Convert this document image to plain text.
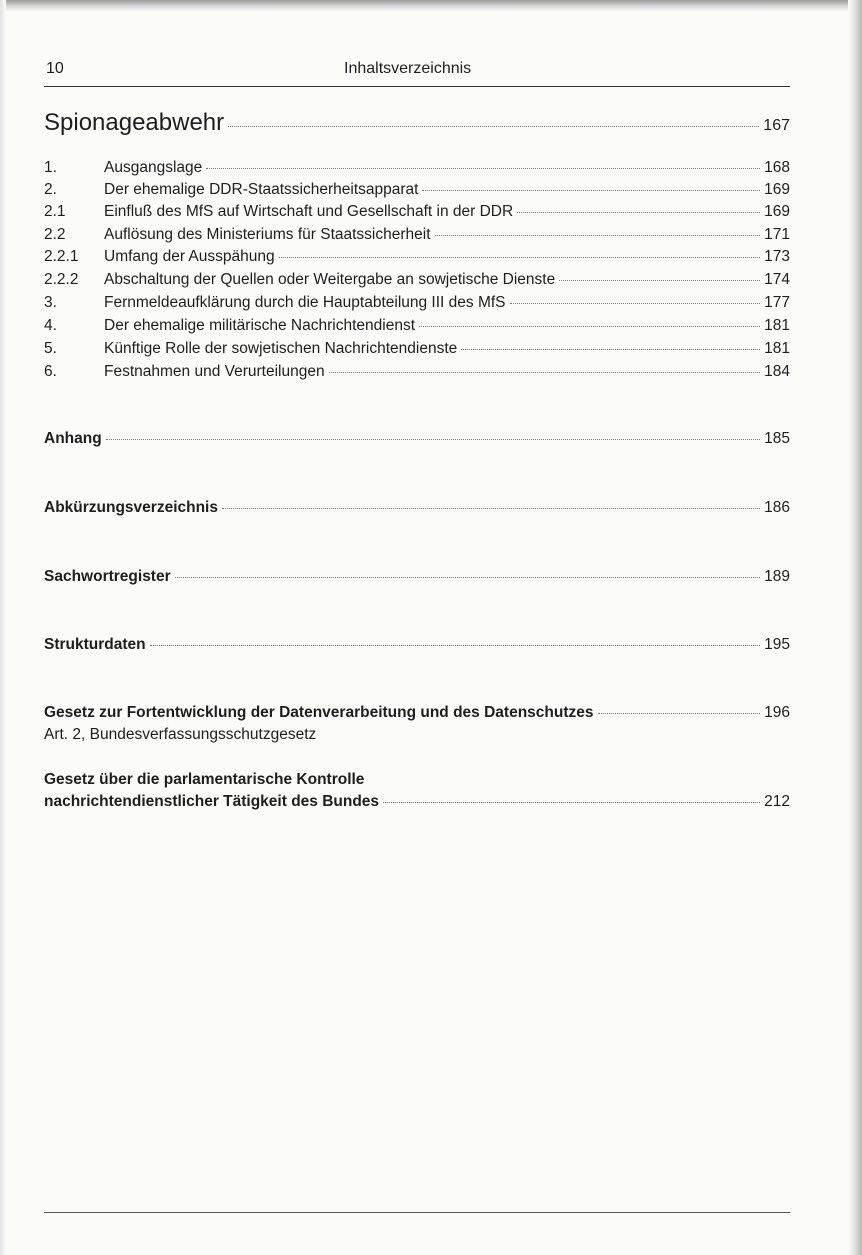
10	Inhaltsverzeichnis
Spionageabwehr	167
1.	Ausgangslage	168
2.	Der ehemalige DDR-Staatssicherheitsapparat	169
2.1	Einfluß des MfS auf Wirtschaft und Gesellschaft in der DDR	169
2.2	Auflösung des Ministeriums für Staatssicherheit	171
2.2.1	Umfang der Ausspähung	173
2.2.2	Abschaltung der Quellen oder Weitergabe an sowjetische Dienste	174
3.	Fernmeldeaufklärung durch die Hauptabteilung III des MfS	177
4.	Der ehemalige militärische Nachrichtendienst	181
5.	Künftige Rolle der sowjetischen Nachrichtendienste	181
6.	Festnahmen und Verurteilungen	184
Anhang	185
Abkürzungsverzeichnis	186
Sachwortregister	189
Strukturdaten	195
Gesetz zur Fortentwicklung der Datenverarbeitung und des Datenschutzes	196
Art. 2, Bundesverfassungsschutzgesetz
Gesetz über die parlamentarische Kontrolle
nachrichtendienstlicher Tätigkeit des Bundes	212
